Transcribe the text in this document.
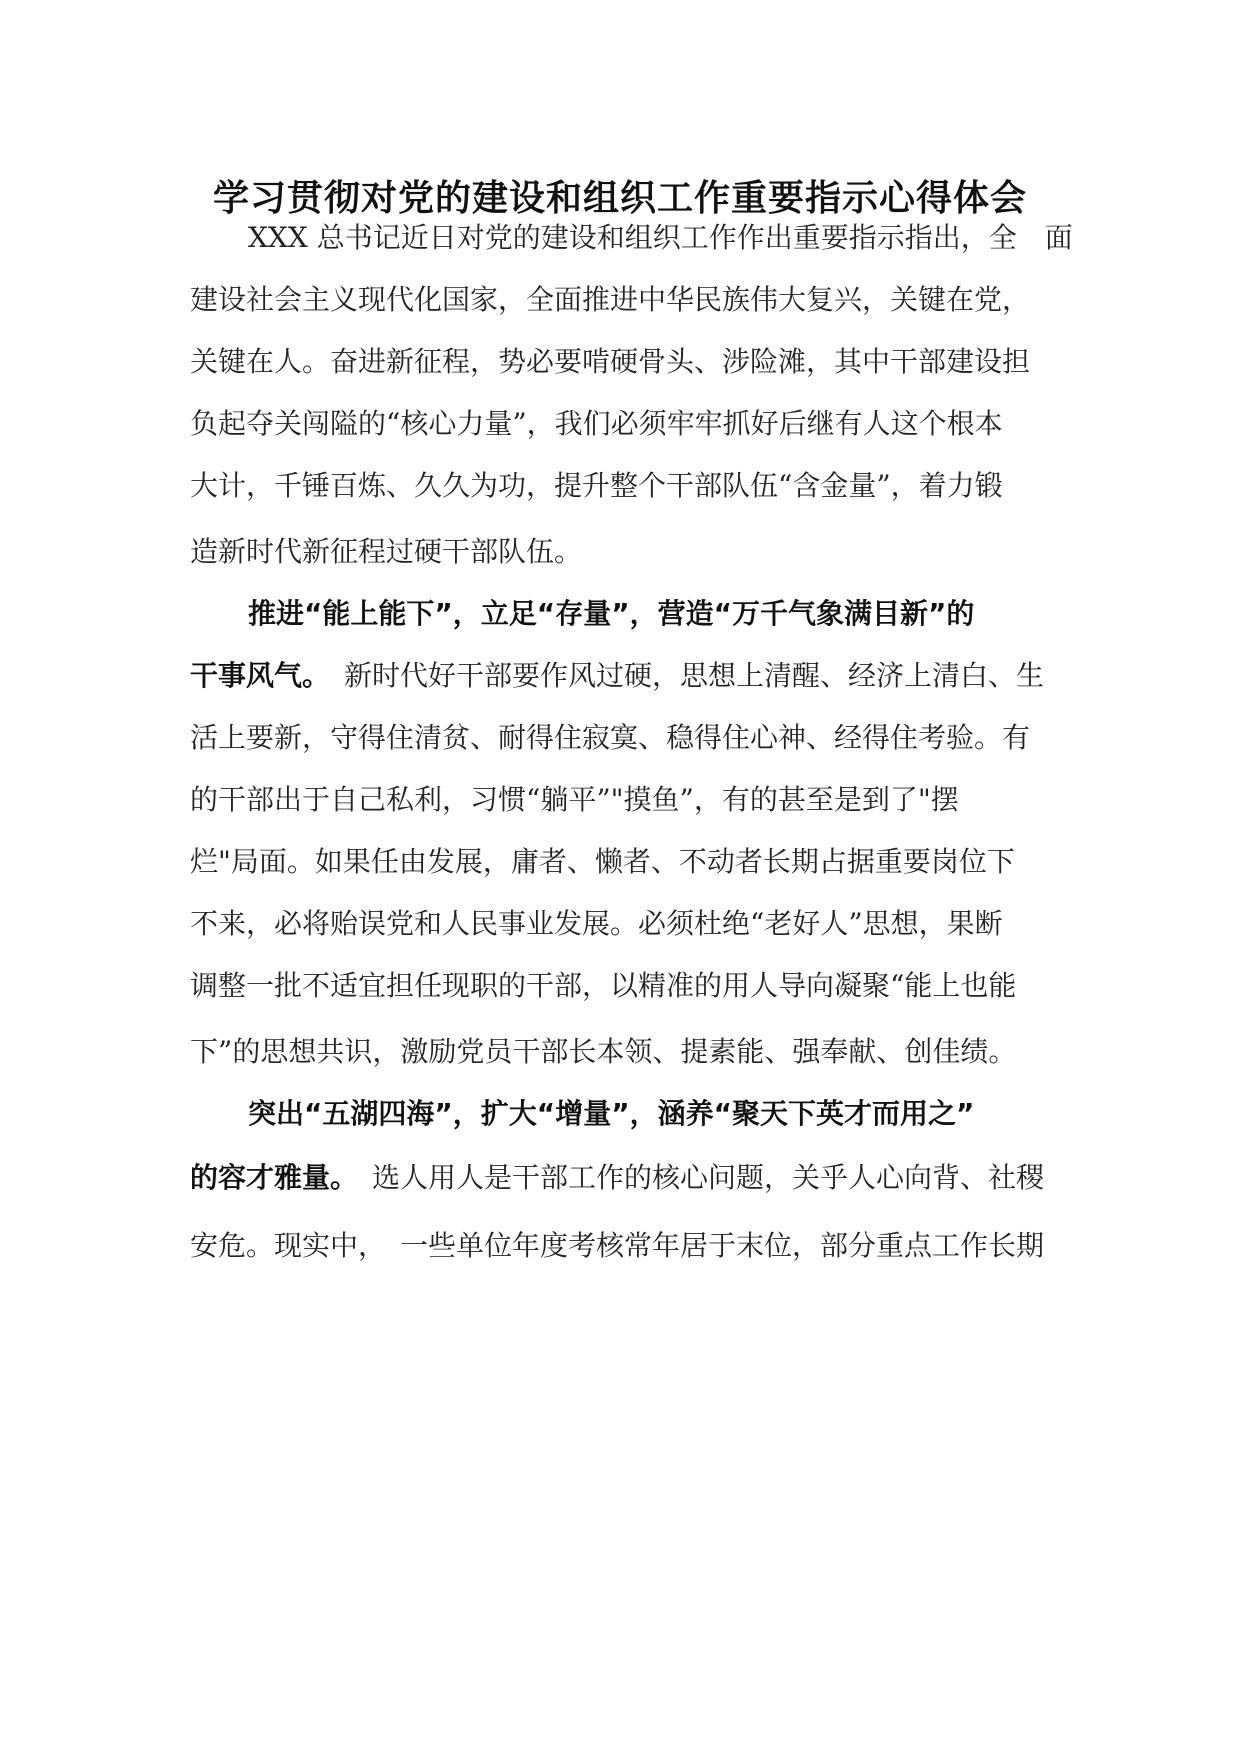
学习贯彻对党的建设和组织工作重要指示心得体会

XXX 总书记近日对党的建设和组织工作作出重要指示指出，全　面

建设社会主义现代化国家，全面推进中华民族伟大复兴，关键在党，

关键在人。奋进新征程，势必要啃硬骨头、涉险滩，其中干部建设担

负起夺关闯隘的“核心力量”，我们必须牢牢抓好后继有人这个根本

大计，千锤百炼、久久为功，提升整个干部队伍“含金量”，着力锻

造新时代新征程过硬干部队伍。

推进“能上能下”，立足“存量”，营造“万千气象满目新”的

干事风气。　新时代好干部要作风过硬，思想上清醒、经济上清白、生

活上要新，守得住清贫、耐得住寂寞、稳得住心神、经得住考验。有

的干部出于自己私利，习惯“躺平”"摸鱼”，有的甚至是到了"摆

烂"局面。如果任由发展，庸者、懒者、不动者长期占据重要岗位下

不来，必将贻误党和人民事业发展。必须杜绝“老好人”思想，果断

调整一批不适宜担任现职的干部，以精准的用人导向凝聚“能上也能

下”的思想共识，激励党员干部长本领、提素能、强奉献、创佳绩。

突出“五湖四海”，扩大“增量”，涵养“聚天下英才而用之”

的容才雅量。　选人用人是干部工作的核心问题，关乎人心向背、社稷

安危。现实中，　一些单位年度考核常年居于末位，部分重点工作长期
